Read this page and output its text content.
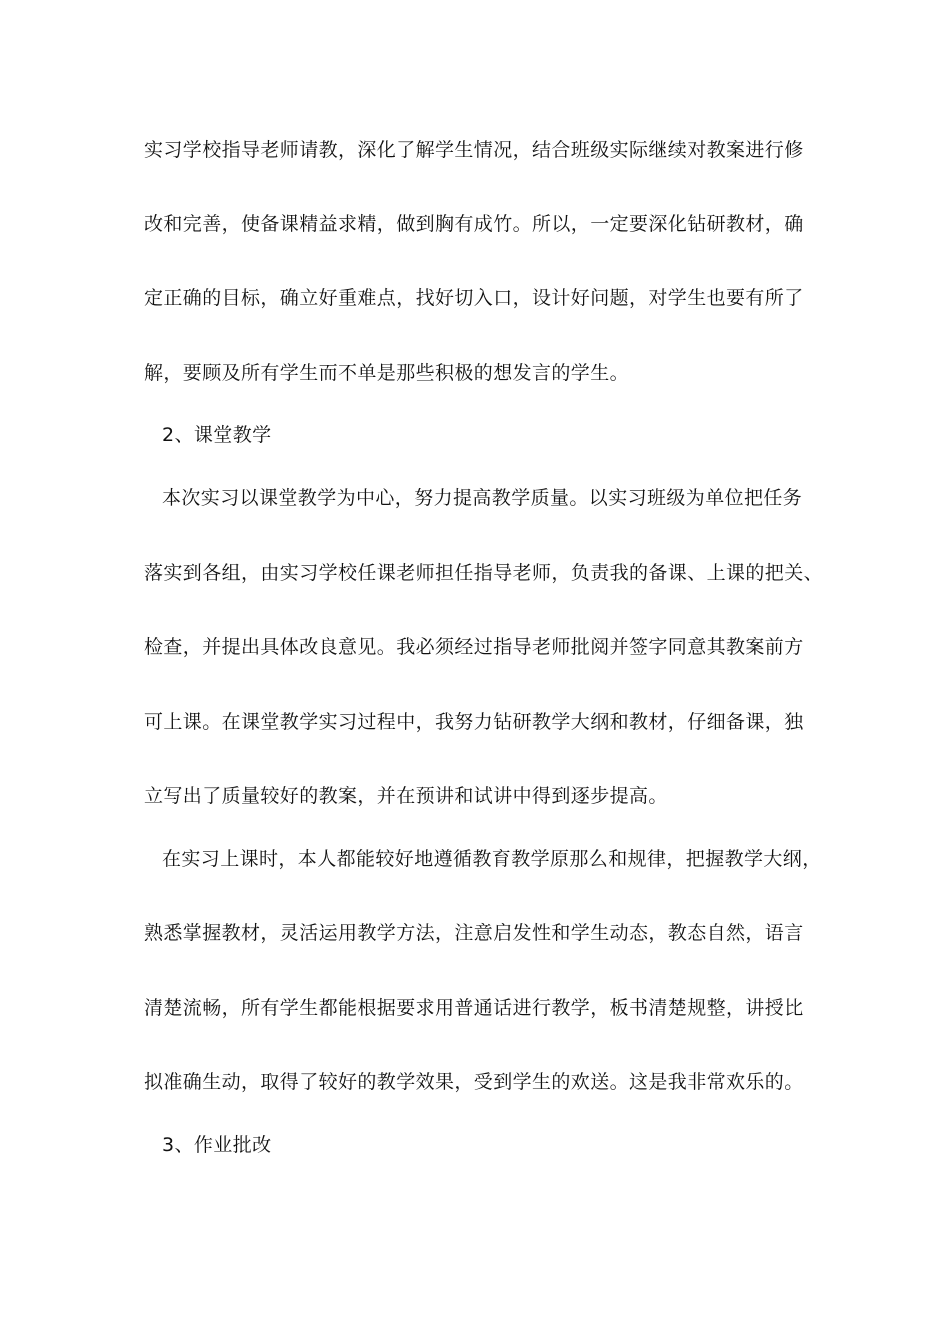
实习学校指导老师请教，深化了解学生情况，结合班级实际继续对教案进行修
改和完善，使备课精益求精，做到胸有成竹。所以，一定要深化钻研教材，确
定正确的目标，确立好重难点，找好切入口，设计好问题，对学生也要有所了
解，要顾及所有学生而不单是那些积极的想发言的学生。
2、课堂教学
本次实习以课堂教学为中心，努力提高教学质量。以实习班级为单位把任务
落实到各组，由实习学校任课老师担任指导老师，负责我的备课、上课的把关、
检查，并提出具体改良意见。我必须经过指导老师批阅并签字同意其教案前方
可上课。在课堂教学实习过程中，我努力钻研教学大纲和教材，仔细备课，独
立写出了质量较好的教案，并在预讲和试讲中得到逐步提高。
在实习上课时，本人都能较好地遵循教育教学原那么和规律，把握教学大纲，
熟悉掌握教材，灵活运用教学方法，注意启发性和学生动态，教态自然，语言
清楚流畅，所有学生都能根据要求用普通话进行教学，板书清楚规整，讲授比
拟准确生动，取得了较好的教学效果，受到学生的欢送。这是我非常欢乐的。
3、作业批改
